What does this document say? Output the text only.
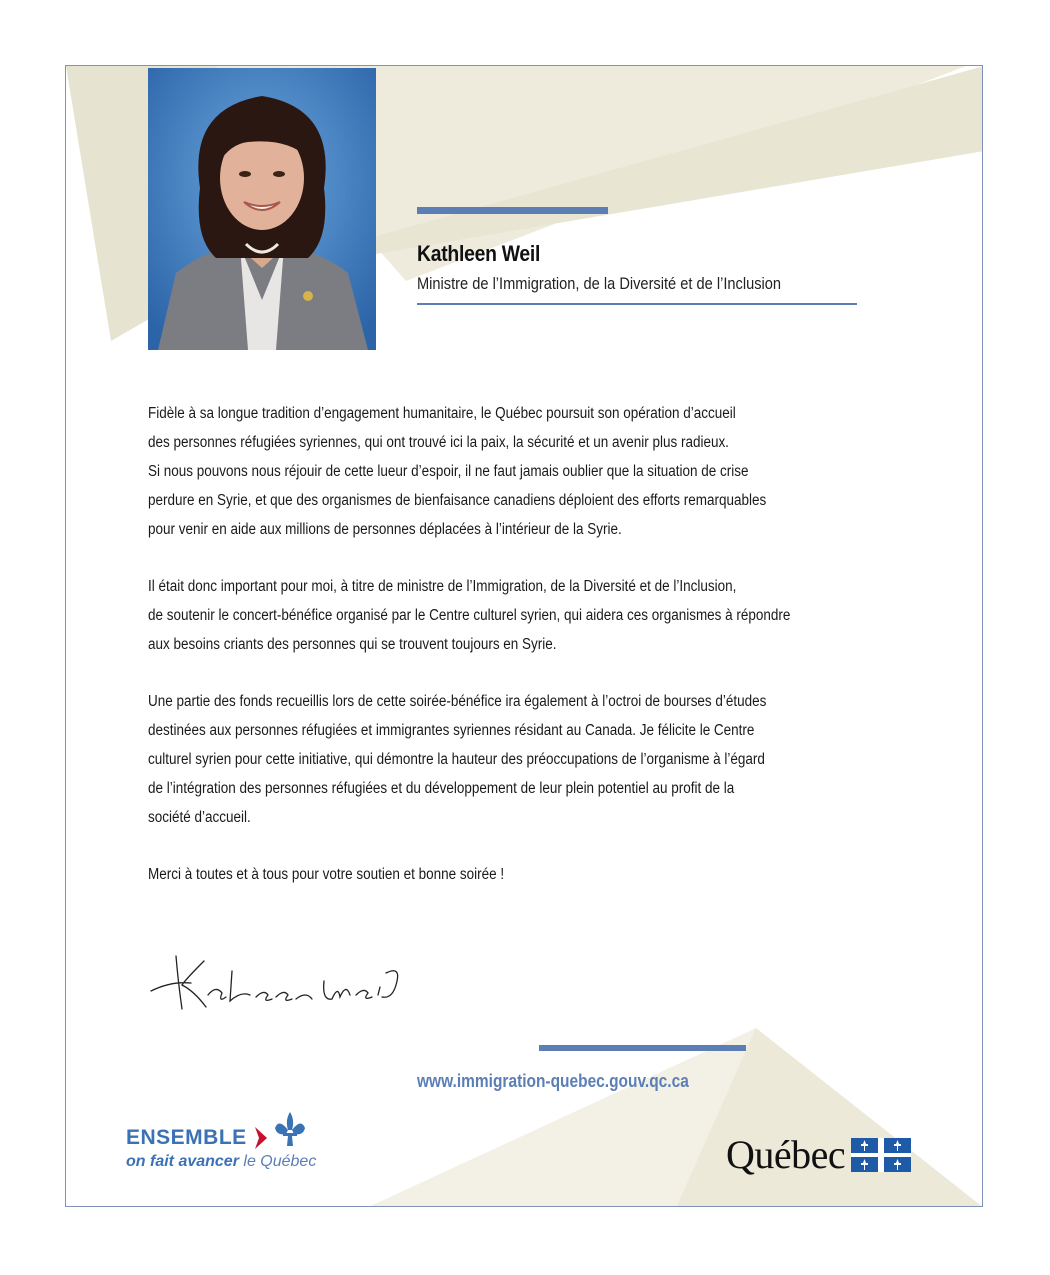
Kathleen Weil
Ministre de l’Immigration, de la Diversité et de l’Inclusion

Fidèle à sa longue tradition d’engagement humanitaire, le Québec poursuit son opération d’accueil
des personnes réfugiées syriennes, qui ont trouvé ici la paix, la sécurité et un avenir plus radieux.
Si nous pouvons nous réjouir de cette lueur d’espoir, il ne faut jamais oublier que la situation de crise
perdure en Syrie, et que des organismes de bienfaisance canadiens déploient des efforts remarquables
pour venir en aide aux millions de personnes déplacées à l’intérieur de la Syrie.

Il était donc important pour moi, à titre de ministre de l’Immigration, de la Diversité et de l’Inclusion,
de soutenir le concert-bénéfice organisé par le Centre culturel syrien, qui aidera ces organismes à répondre
aux besoins criants des personnes qui se trouvent toujours en Syrie.

Une partie des fonds recueillis lors de cette soirée-bénéfice ira également à l’octroi de bourses d’études
destinées aux personnes réfugiées et immigrantes syriennes résidant au Canada. Je félicite le Centre
culturel syrien pour cette initiative, qui démontre la hauteur des préoccupations de l’organisme à l’égard
de l’intégration des personnes réfugiées et du développement de leur plein potentiel au profit de la
société d’accueil.

Merci à toutes et à tous pour votre soutien et bonne soirée !

www.immigration-quebec.gouv.qc.ca
ENSEMBLE
on fait avancer le Québec	Québec
